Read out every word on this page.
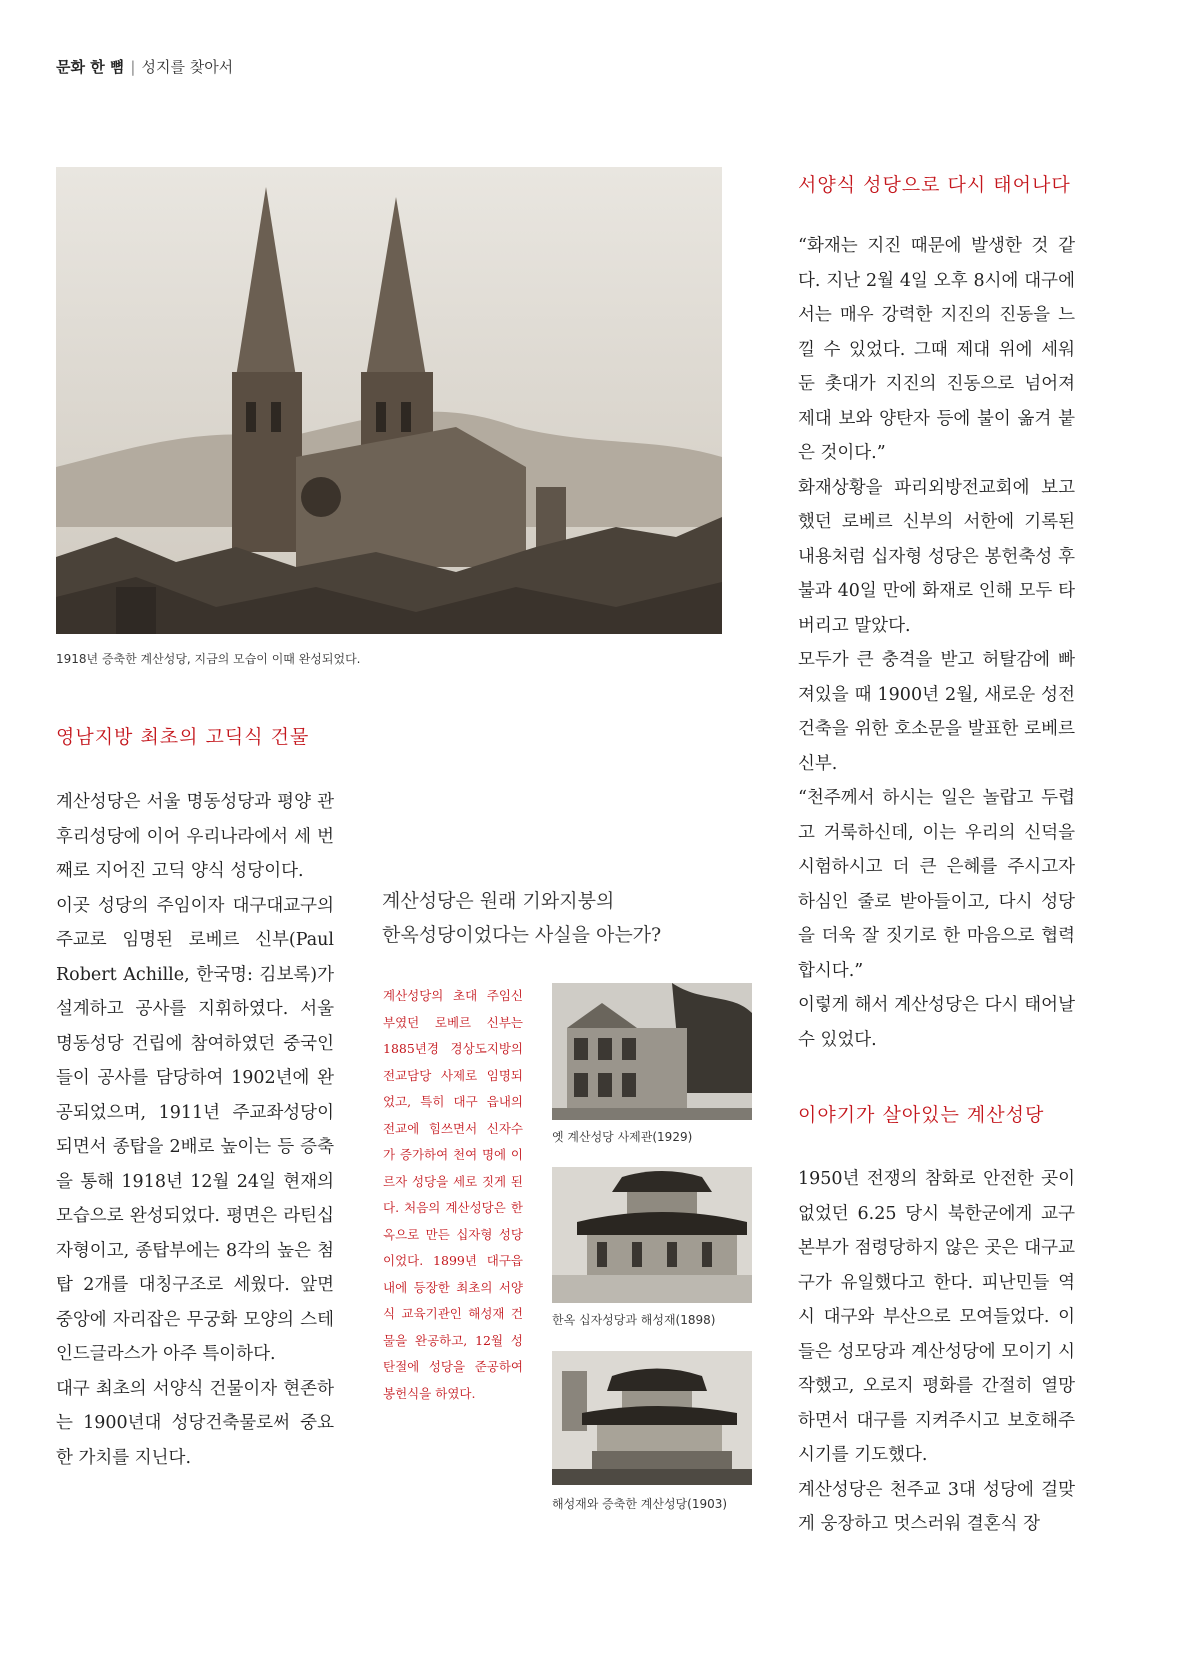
문화 한 뼘 | 성지를 찾아서
1918년 증축한 계산성당, 지금의 모습이 이때 완성되었다.
영남지방 최초의 고딕식 건물

계산성당은 서울 명동성당과 평양 관후리성당에 이어 우리나라에서 세 번째로 지어진 고딕 양식 성당이다.

이곳 성당의 주임이자 대구대교구의 주교로 임명된 로베르 신부(Paul Robert Achille, 한국명: 김보록)가 설계하고 공사를 지휘하였다. 서울 명동성당 건립에 참여하였던 중국인들이 공사를 담당하여 1902년에 완공되었으며, 1911년 주교좌성당이 되면서 종탑을 2배로 높이는 등 증축을 통해 1918년 12월 24일 현재의 모습으로 완성되었다. 평면은 라틴십자형이고, 종탑부에는 8각의 높은 첨탑 2개를 대칭구조로 세웠다. 앞면 중앙에 자리잡은 무궁화 모양의 스테인드글라스가 아주 특이하다.

대구 최초의 서양식 건물이자 현존하는 1900년대 성당건축물로써 중요한 가치를 지닌다.

계산성당은 원래 기와지붕의
한옥성당이었다는 사실을 아는가?
계산성당의 초대 주임신부였던 로베르 신부는 1885년경 경상도지방의 전교담당 사제로 임명되었고, 특히 대구 읍내의 전교에 힘쓰면서 신자수가 증가하여 천여 명에 이르자 성당을 세로 짓게 된다. 처음의 계산성당은 한옥으로 만든 십자형 성당이었다. 1899년 대구읍내에 등장한 최초의 서양식 교육기관인 해성재 건물을 완공하고, 12월 성탄절에 성당을 준공하여 봉헌식을 하였다.
옛 계산성당 사제관(1929)
한옥 십자성당과 해성재(1898)
해성재와 증축한 계산성당(1903)
서양식 성당으로 다시 태어나다

“화재는 지진 때문에 발생한 것 같다. 지난 2월 4일 오후 8시에 대구에서는 매우 강력한 지진의 진동을 느낄 수 있었다. 그때 제대 위에 세워 둔 촛대가 지진의 진동으로 넘어져 제대 보와 양탄자 등에 불이 옮겨 붙은 것이다.”

화재상황을 파리외방전교회에 보고했던 로베르 신부의 서한에 기록된 내용처럼 십자형 성당은 봉헌축성 후 불과 40일 만에 화재로 인해 모두 타버리고 말았다.

모두가 큰 충격을 받고 허탈감에 빠져있을 때 1900년 2월, 새로운 성전 건축을 위한 호소문을 발표한 로베르 신부.

“천주께서 하시는 일은 놀랍고 두렵고 거룩하신데, 이는 우리의 신덕을 시험하시고 더 큰 은혜를 주시고자 하심인 줄로 받아들이고, 다시 성당을 더욱 잘 짓기로 한 마음으로 협력합시다.”

이렇게 해서 계산성당은 다시 태어날 수 있었다.

이야기가 살아있는 계산성당

1950년 전쟁의 참화로 안전한 곳이 없었던 6.25 당시 북한군에게 교구본부가 점령당하지 않은 곳은 대구교구가 유일했다고 한다. 피난민들 역시 대구와 부산으로 모여들었다. 이들은 성모당과 계산성당에 모이기 시작했고, 오로지 평화를 간절히 열망하면서 대구를 지켜주시고 보호해주시기를 기도했다.

계산성당은 천주교 3대 성당에 걸맞게 웅장하고 멋스러워 결혼식 장
